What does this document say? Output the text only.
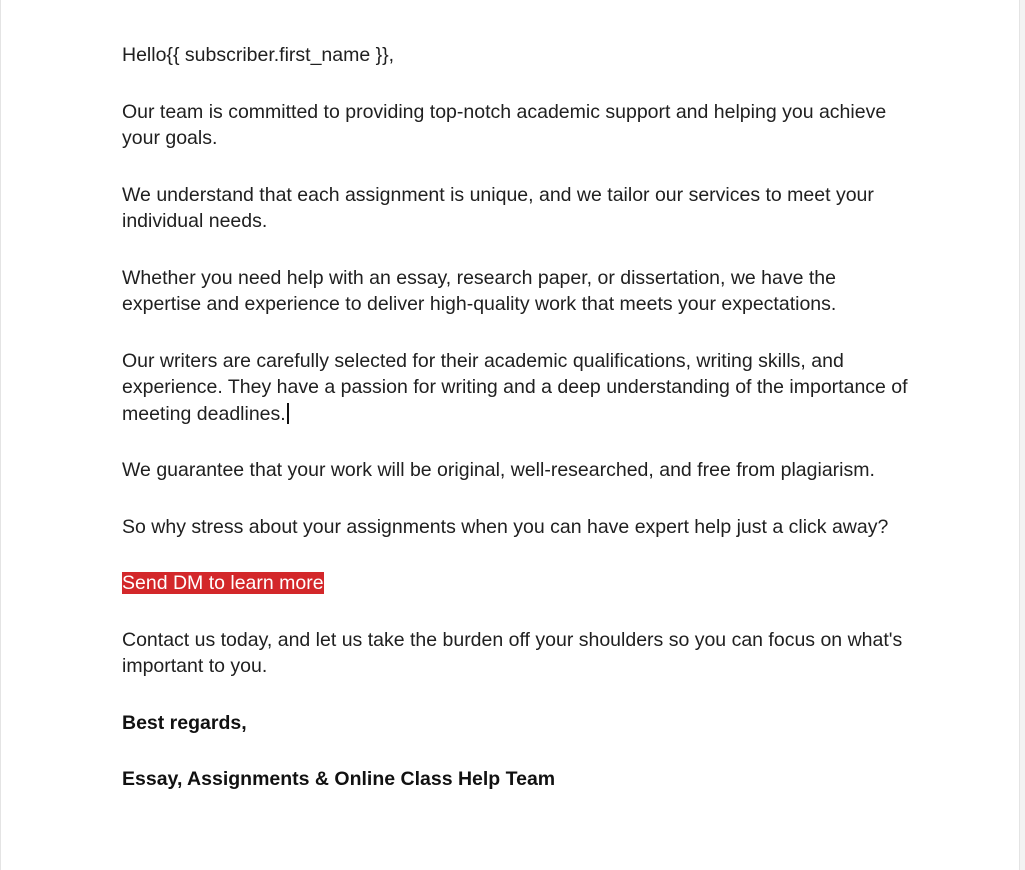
Hello{{ subscriber.first_name }},

Our team is committed to providing top-notch academic support and helping you achieve your goals.

We understand that each assignment is unique, and we tailor our services to meet your individual needs.

Whether you need help with an essay, research paper, or dissertation, we have the expertise and experience to deliver high-quality work that meets your expectations.

Our writers are carefully selected for their academic qualifications, writing skills, and experience. They have a passion for writing and a deep understanding of the importance of meeting deadlines.

We guarantee that your work will be original, well-researched, and free from plagiarism.

So why stress about your assignments when you can have expert help just a click away?

Send DM to learn more

Contact us today, and let us take the burden off your shoulders so you can focus on what's important to you.

Best regards,

Essay, Assignments & Online Class Help Team
